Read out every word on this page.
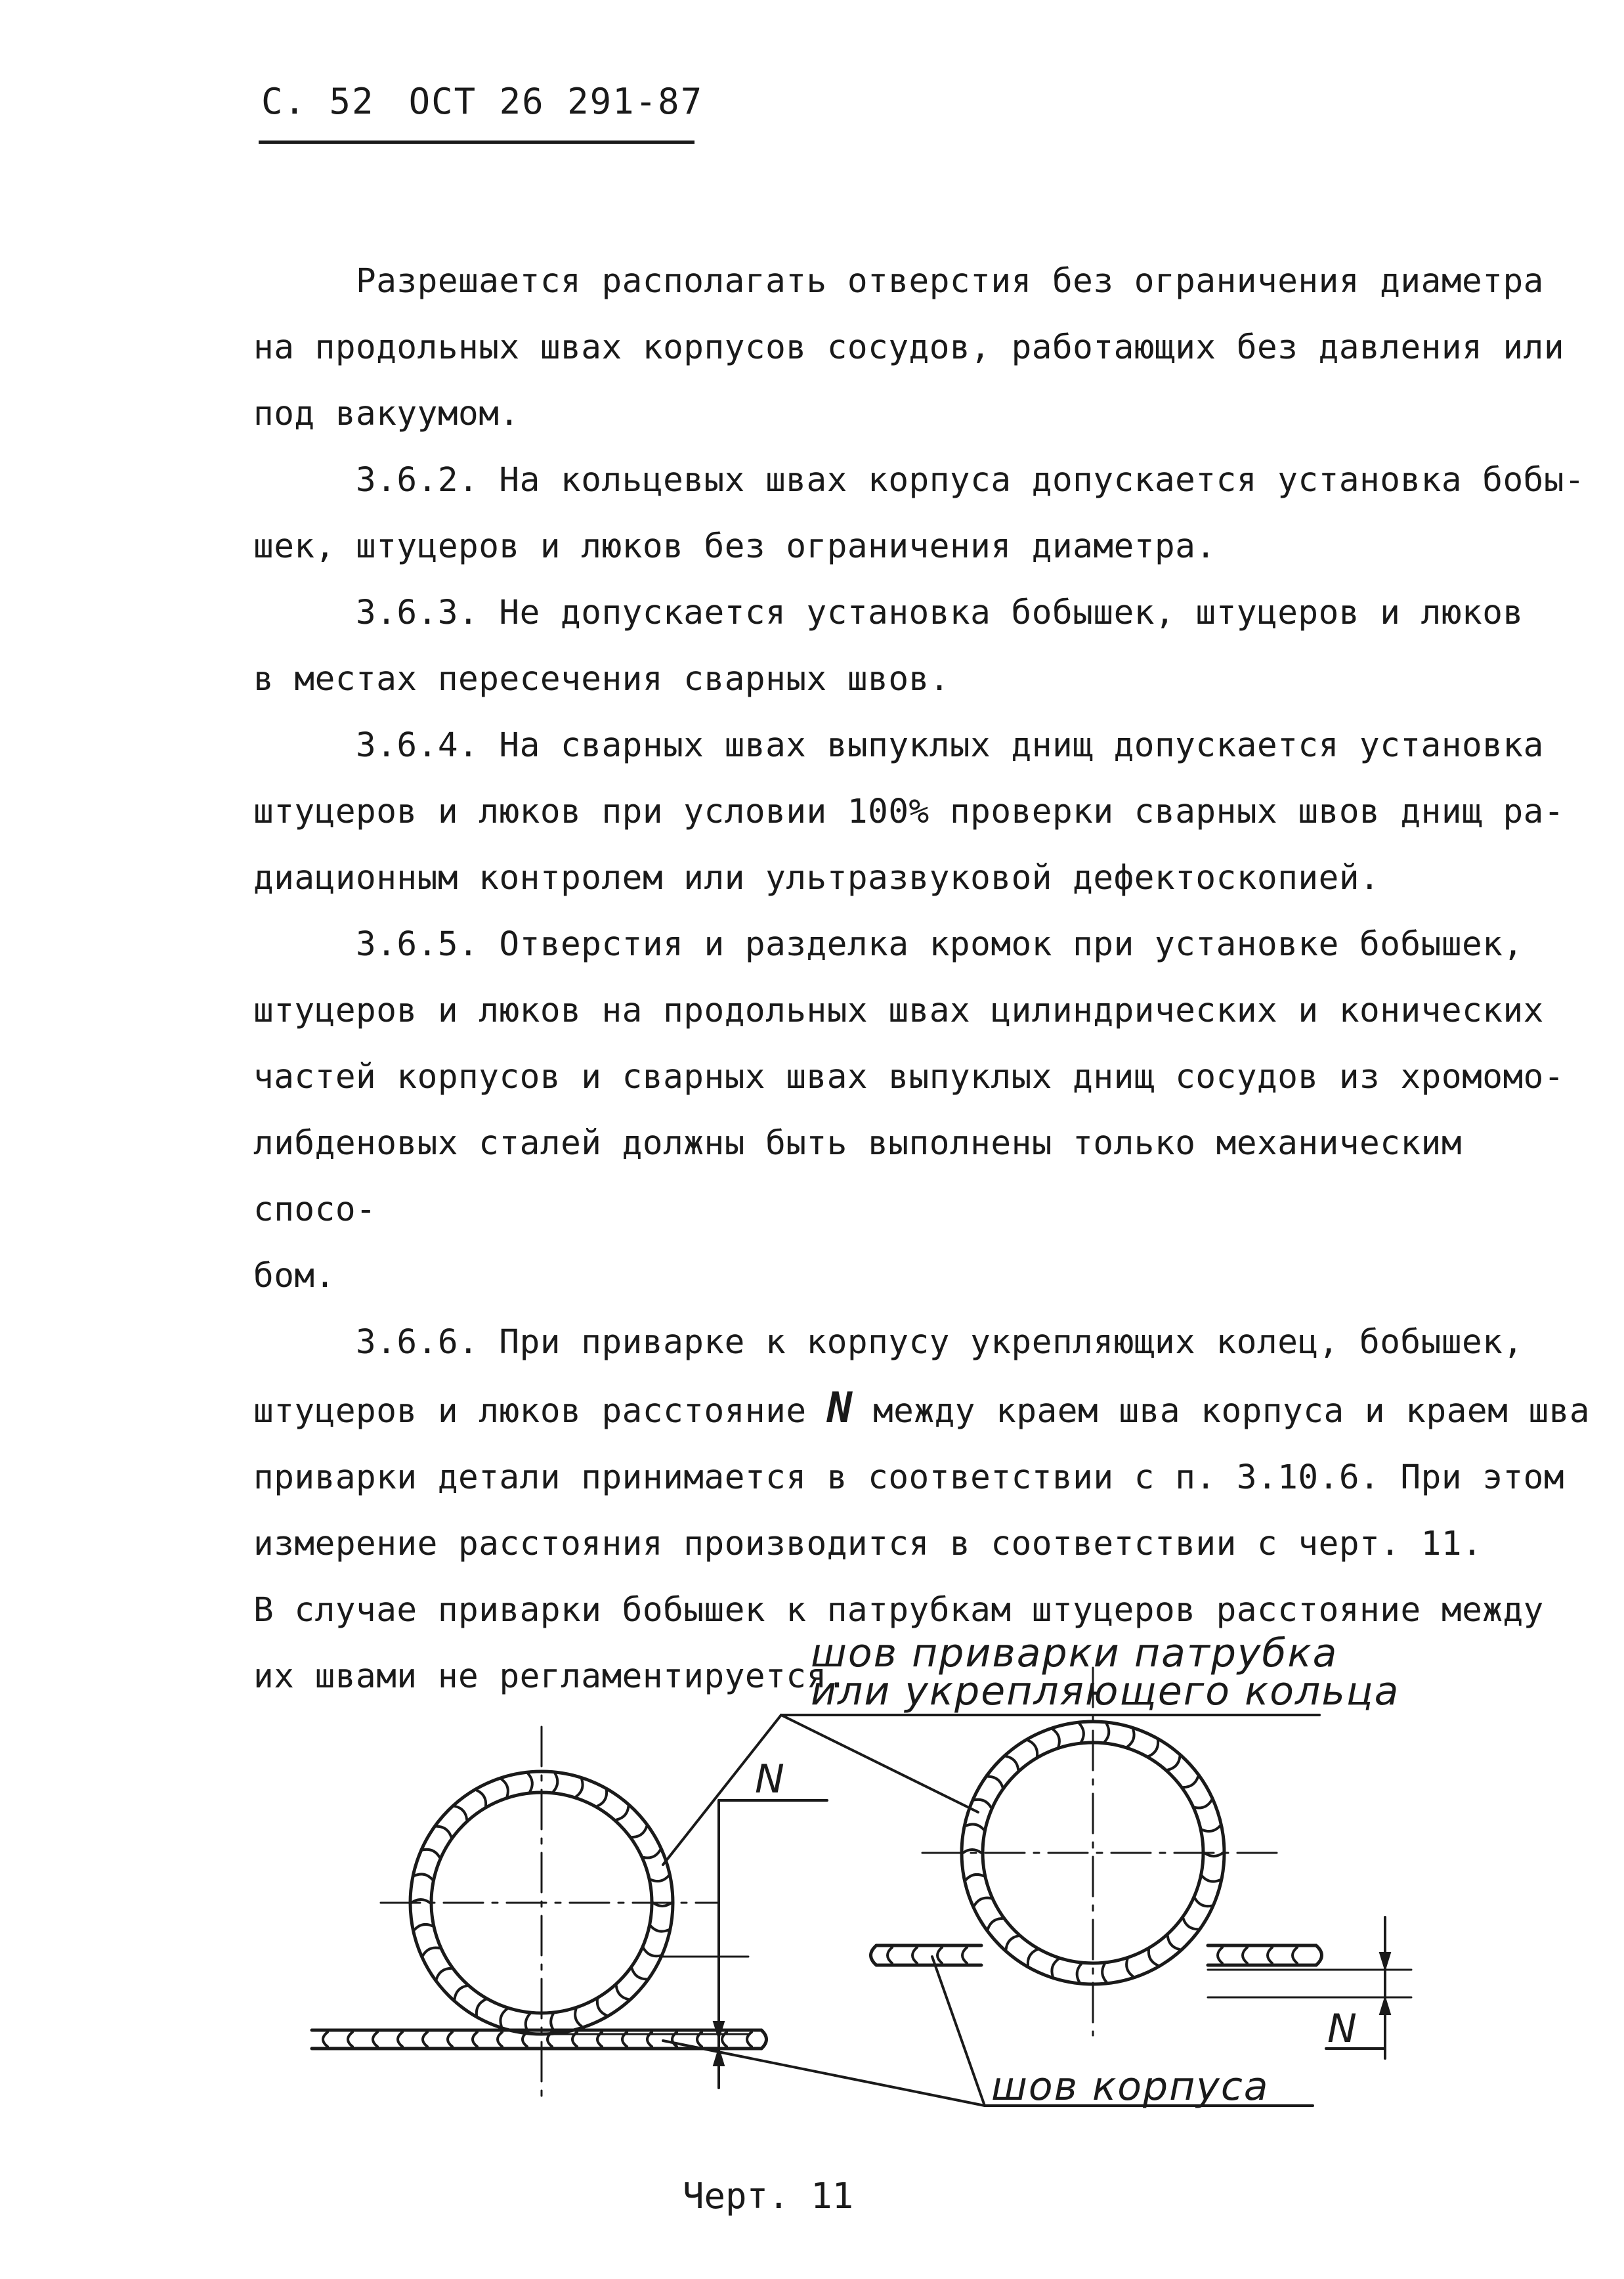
С. 52 ОСТ 26 291-87

Разрешается располагать отверстия без ограничения диаметра
на продольных швах корпусов сосудов, работающих без давления или
под вакуумом.

3.6.2. На кольцевых швах корпуса допускается установка бобы-
шек, штуцеров и люков без ограничения диаметра.

3.6.3. Не допускается установка бобышек, штуцеров и люков
в местах пересечения сварных швов.

3.6.4. На сварных швах выпуклых днищ допускается установка
штуцеров и люков при условии 100% проверки сварных швов днищ ра-
диационным контролем или ультразвуковой дефектоскопией.

3.6.5. Отверстия и разделка кромок при установке бобышек,
штуцеров и люков на продольных швах цилиндрических и конических
частей корпусов и сварных швах выпуклых днищ сосудов из хромомо-
либденовых сталей должны быть выполнены только механическим спосо-
бом.

3.6.6. При приварке к корпусу укрепляющих колец, бобышек,
штуцеров и люков расстояние N между краем шва корпуса и краем шва
приварки детали принимается в соответствии с п. 3.10.6. При этом
измерение расстояния производится в соответствии с черт. 11.
В случае приварки бобышек к патрубкам штуцеров расстояние между
их швами не регламентируется.

шов приварки патрубка
или укрепляющего кольца
N
N
шов корпуса
Черт. 11
